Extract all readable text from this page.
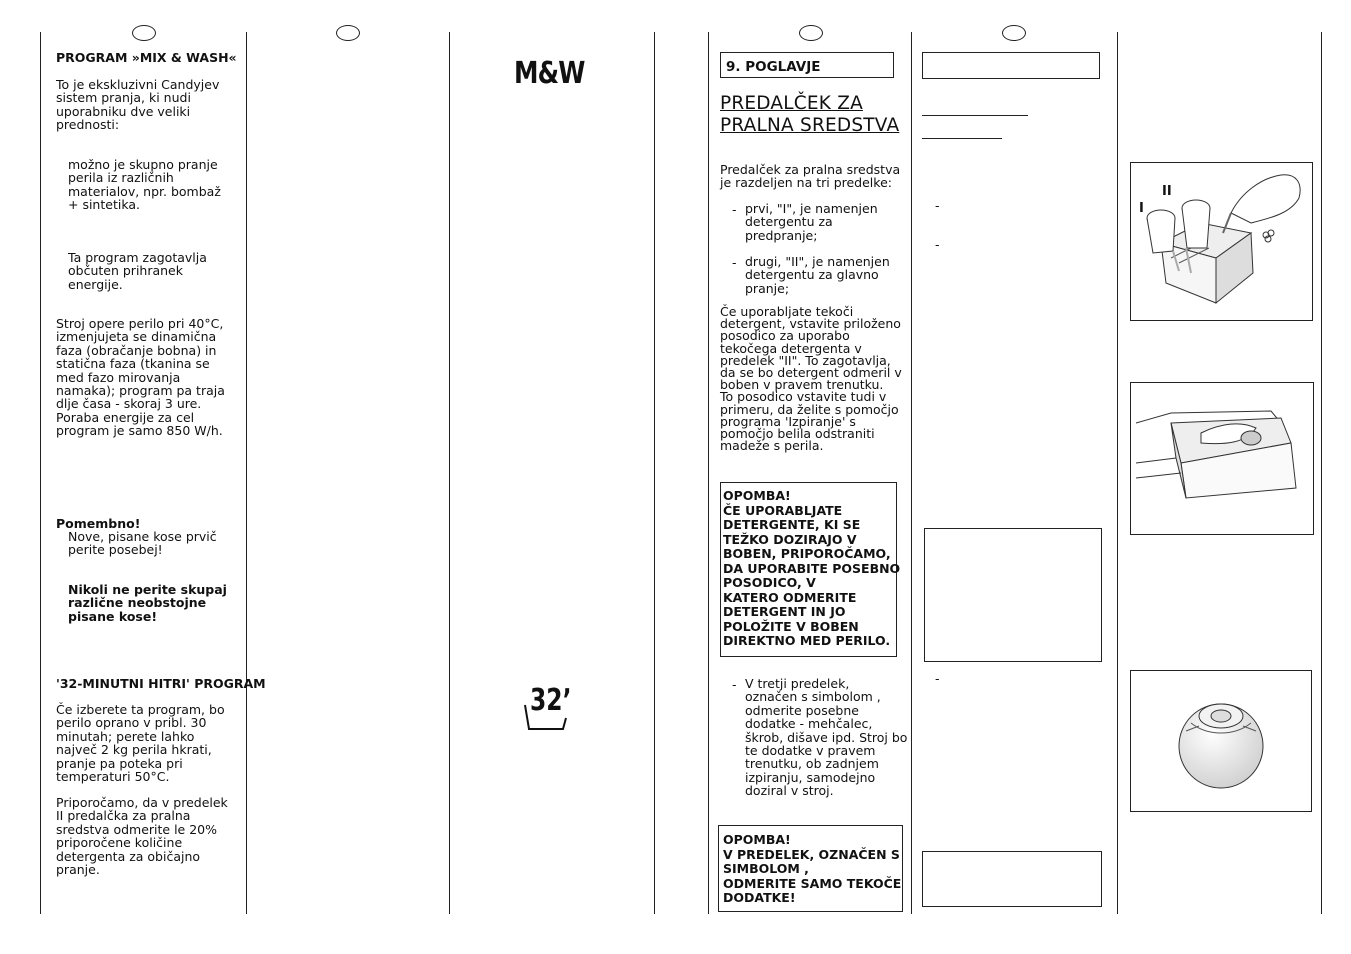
PROGRAM »MIX & WASH«
To je ekskluzivni Candyjev
sistem pranja, ki nudi
uporabniku dve veliki
prednosti:
možno je skupno pranje
perila iz različnih
materialov, npr. bombaž
+ sintetika.
Ta program zagotavlja
občuten prihranek
energije.
Stroj opere perilo pri 40°C,
izmenjujeta se dinamična
faza (obračanje bobna) in
statična faza (tkanina se
med fazo mirovanja
namaka); program pa traja
dlje časa - skoraj 3 ure.
Poraba energije za cel
program je samo 850 W/h.
Pomembno!
Nove, pisane kose prvič
perite posebej!
Nikoli ne perite skupaj
različne neobstojne
pisane kose!
'32-MINUTNI HITRI' PROGRAM
Če izberete ta program, bo
perilo oprano v pribl. 30
minutah; perete lahko
največ 2 kg perila hkrati,
pranje pa poteka pri
temperaturi 50°C.
Priporočamo, da v predelek
II predalčka za pralna
sredstva odmerite le 20%
priporočene količine
detergenta za običajno
pranje.
M&W
32’
9. POGLAVJE
PREDALČEK ZA
PRALNA SREDSTVA
Predalček za pralna sredstva
je razdeljen na tri predelke:
- prvi, "I", je namenjen
detergentu za
predpranje;
- drugi, "II", je namenjen
detergentu za glavno
pranje;
Če uporabljate tekoči
detergent, vstavite priloženo
posodico za uporabo
tekočega detergenta v
predelek "II". To zagotavlja,
da se bo detergent odmeril v
boben v pravem trenutku.
To posodico vstavite tudi v
primeru, da želite s pomočjo
programa 'Izpiranje' s
pomočjo belila odstraniti
madeže s perila.
OPOMBA!
ČE UPORABLJATE
DETERGENTE, KI SE
TEŽKO DOZIRAJO V
BOBEN, PRIPOROČAMO,
DA UPORABITE POSEBNO
POSODICO, V
KATERO ODMERITE
DETERGENT IN JO
POLOŽITE V BOBEN
DIREKTNO MED PERILO.
- V tretji predelek,
označen s simbolom ,
odmerite posebne
dodatke - mehčalec,
škrob, dišave ipd. Stroj bo
te dodatke v pravem
trenutku, ob zadnjem
izpiranju, samodejno
doziral v stroj.
OPOMBA!
V PREDELEK, OZNAČEN S
SIMBOLOM ,
ODMERITE SAMO TEKOČE
DODATKE!
-
-
-
I
II
